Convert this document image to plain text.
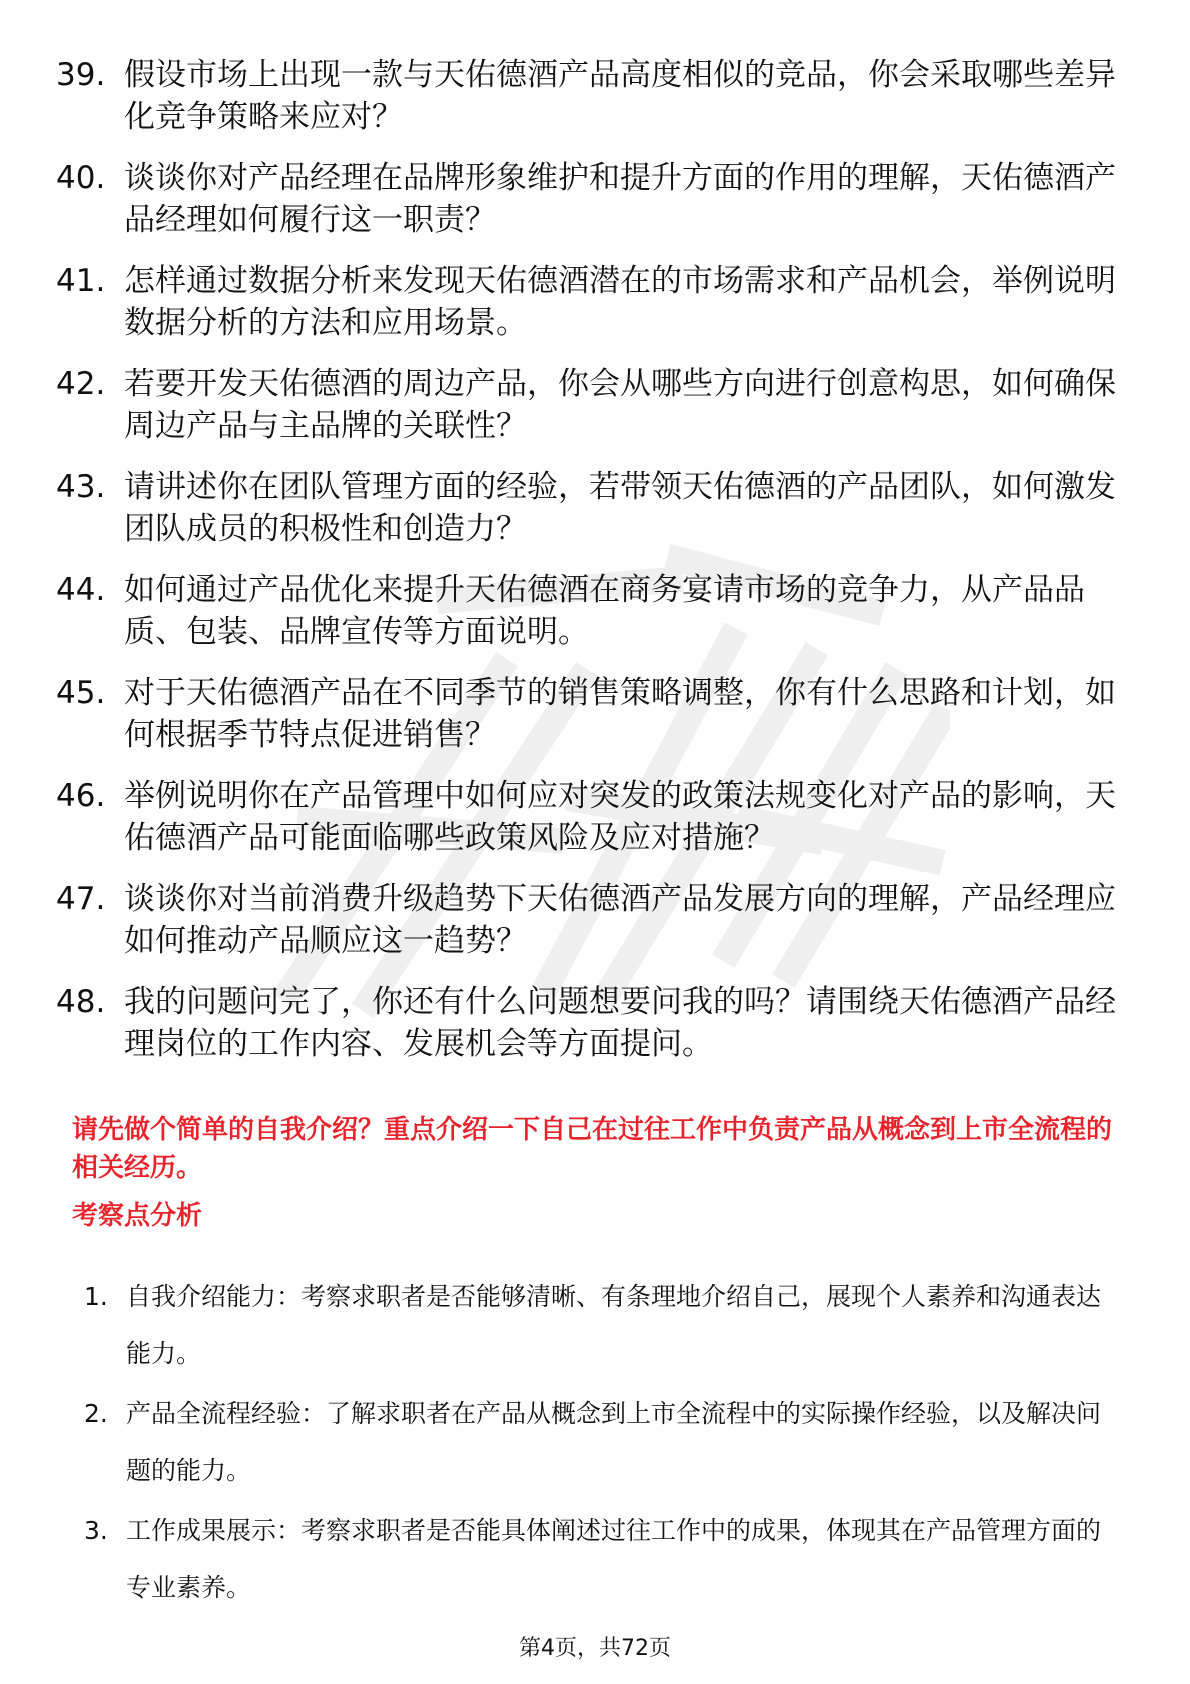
39. 假设市场上出现一款与天佑德酒产品高度相似的竞品，你会采取哪些差异化竞争策略来应对？
40. 谈谈你对产品经理在品牌形象维护和提升方面的作用的理解，天佑德酒产品经理如何履行这一职责？
41. 怎样通过数据分析来发现天佑德酒潜在的市场需求和产品机会，举例说明数据分析的方法和应用场景。
42. 若要开发天佑德酒的周边产品，你会从哪些方向进行创意构思，如何确保周边产品与主品牌的关联性？
43. 请讲述你在团队管理方面的经验，若带领天佑德酒的产品团队，如何激发团队成员的积极性和创造力？
44. 如何通过产品优化来提升天佑德酒在商务宴请市场的竞争力，从产品品质、包装、品牌宣传等方面说明。
45. 对于天佑德酒产品在不同季节的销售策略调整，你有什么思路和计划，如何根据季节特点促进销售？
46. 举例说明你在产品管理中如何应对突发的政策法规变化对产品的影响，天佑德酒产品可能面临哪些政策风险及应对措施？
47. 谈谈你对当前消费升级趋势下天佑德酒产品发展方向的理解，产品经理应如何推动产品顺应这一趋势？
48. 我的问题问完了，你还有什么问题想要问我的吗？请围绕天佑德酒产品经理岗位的工作内容、发展机会等方面提问。

请先做个简单的自我介绍？重点介绍一下自己在过往工作中负责产品从概念到上市全流程的相关经历。

考察点分析
1. 自我介绍能力：考察求职者是否能够清晰、有条理地介绍自己，展现个人素养和沟通表达能力。
2. 产品全流程经验：了解求职者在产品从概念到上市全流程中的实际操作经验，以及解决问题的能力。
3. 工作成果展示：考察求职者是否能具体阐述过往工作中的成果，体现其在产品管理方面的专业素养。
第4页，共72页
